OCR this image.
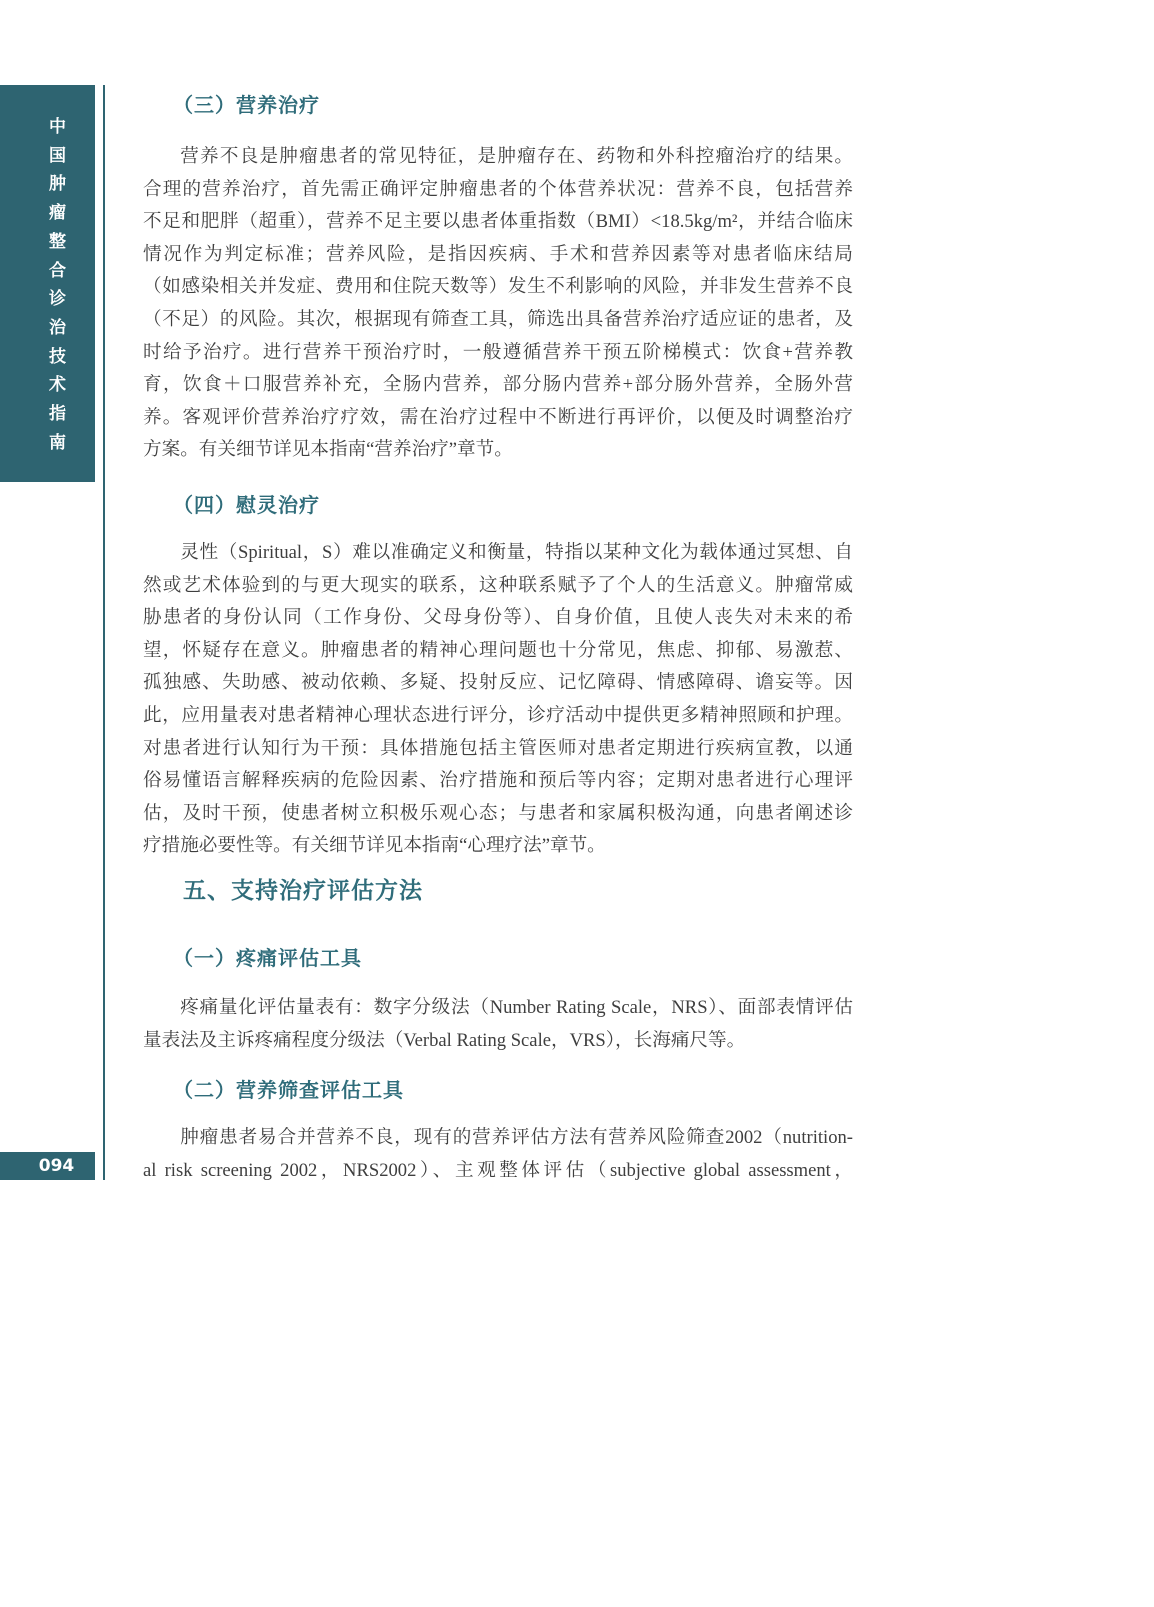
中
国
肿
瘤
整
合
诊
治
技
术
指
南
094
（三）营养治疗
营养不良是肿瘤患者的常见特征，是肿瘤存在、药物和外科控瘤治疗的结果。
合理的营养治疗，首先需正确评定肿瘤患者的个体营养状况：营养不良，包括营养
不足和肥胖（超重），营养不足主要以患者体重指数（BMI）<18.5kg/m²，并结合临床
情况作为判定标准；营养风险，是指因疾病、手术和营养因素等对患者临床结局
（如感染相关并发症、费用和住院天数等）发生不利影响的风险，并非发生营养不良
（不足）的风险。其次，根据现有筛查工具，筛选出具备营养治疗适应证的患者，及
时给予治疗。进行营养干预治疗时，一般遵循营养干预五阶梯模式：饮食+营养教
育，饮食＋口服营养补充，全肠内营养，部分肠内营养+部分肠外营养，全肠外营
养。客观评价营养治疗疗效，需在治疗过程中不断进行再评价，以便及时调整治疗
方案。有关细节详见本指南“营养治疗”章节。
（四）慰灵治疗
灵性（Spiritual，S）难以准确定义和衡量，特指以某种文化为载体通过冥想、自
然或艺术体验到的与更大现实的联系，这种联系赋予了个人的生活意义。肿瘤常威
胁患者的身份认同（工作身份、父母身份等）、自身价值，且使人丧失对未来的希
望，怀疑存在意义。肿瘤患者的精神心理问题也十分常见，焦虑、抑郁、易激惹、
孤独感、失助感、被动依赖、多疑、投射反应、记忆障碍、情感障碍、谵妄等。因
此，应用量表对患者精神心理状态进行评分，诊疗活动中提供更多精神照顾和护理。
对患者进行认知行为干预：具体措施包括主管医师对患者定期进行疾病宣教，以通
俗易懂语言解释疾病的危险因素、治疗措施和预后等内容；定期对患者进行心理评
估，及时干预，使患者树立积极乐观心态；与患者和家属积极沟通，向患者阐述诊
疗措施必要性等。有关细节详见本指南“心理疗法”章节。
五、支持治疗评估方法
（一）疼痛评估工具
疼痛量化评估量表有：数字分级法（Number Rating Scale，NRS）、面部表情评估
量表法及主诉疼痛程度分级法（Verbal Rating Scale，VRS），长海痛尺等。
（二）营养筛查评估工具
肿瘤患者易合并营养不良，现有的营养评估方法有营养风险筛查2002（nutrition-
al risk screening 2002，NRS2002）、主观整体评估（subjective global assessment，
